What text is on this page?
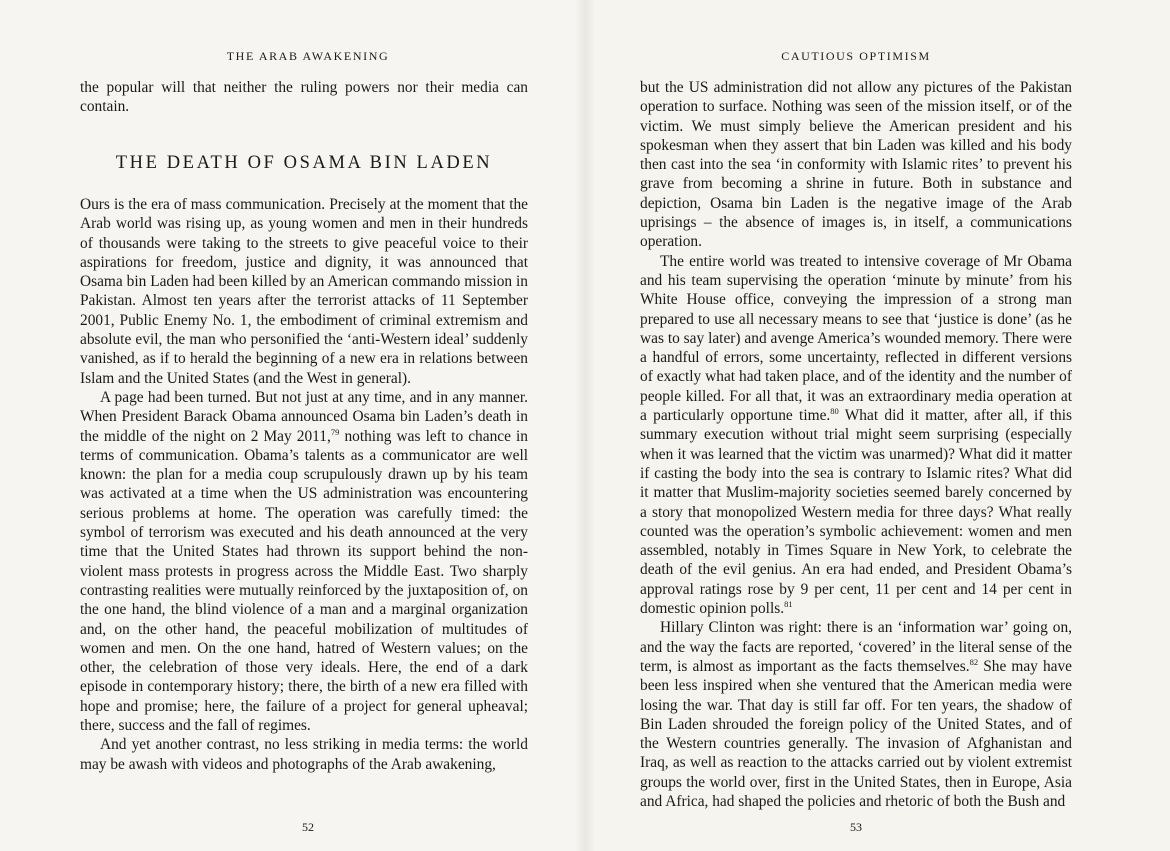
THE ARAB AWAKENING

the popular will that neither the ruling powers nor their media can contain.

THE DEATH OF OSAMA BIN LADEN

Ours is the era of mass communication. Precisely at the moment that the Arab world was rising up, as young women and men in their hundreds of thousands were taking to the streets to give peaceful voice to their aspirations for freedom, justice and dignity, it was announced that Osama bin Laden had been killed by an American commando mission in Pakistan. Almost ten years after the terrorist attacks of 11 September 2001, Public Enemy No. 1, the embodiment of criminal extremism and absolute evil, the man who personified the ‘anti-Western ideal’ suddenly vanished, as if to herald the beginning of a new era in relations between Islam and the United States (and the West in general).

A page had been turned. But not just at any time, and in any manner. When President Barack Obama announced Osama bin Laden’s death in the middle of the night on 2 May 2011,79 nothing was left to chance in terms of communication. Obama’s talents as a communicator are well known: the plan for a media coup scrupulously drawn up by his team was activated at a time when the US administration was encountering serious problems at home. The operation was carefully timed: the symbol of terrorism was executed and his death announced at the very time that the United States had thrown its support behind the non-violent mass protests in progress across the Middle East. Two sharply contrasting realities were mutually reinforced by the juxtaposition of, on the one hand, the blind violence of a man and a marginal organization and, on the other hand, the peaceful mobilization of multitudes of women and men. On the one hand, hatred of Western values; on the other, the celebration of those very ideals. Here, the end of a dark episode in contemporary history; there, the birth of a new era filled with hope and promise; here, the failure of a project for general upheaval; there, success and the fall of regimes.

And yet another contrast, no less striking in media terms: the world may be awash with videos and photographs of the Arab awakening,

52
CAUTIOUS OPTIMISM

but the US administration did not allow any pictures of the Pakistan operation to surface. Nothing was seen of the mission itself, or of the victim. We must simply believe the American president and his spokesman when they assert that bin Laden was killed and his body then cast into the sea ‘in conformity with Islamic rites’ to prevent his grave from becoming a shrine in future. Both in substance and depiction, Osama bin Laden is the negative image of the Arab uprisings – the absence of images is, in itself, a communications operation.

The entire world was treated to intensive coverage of Mr Obama and his team supervising the operation ‘minute by minute’ from his White House office, conveying the impression of a strong man prepared to use all necessary means to see that ‘justice is done’ (as he was to say later) and avenge America’s wounded memory. There were a handful of errors, some uncertainty, reflected in different versions of exactly what had taken place, and of the identity and the number of people killed. For all that, it was an extraordinary media operation at a particularly opportune time.$^{80}$ What did it matter, after all, if this summary execution without trial might seem surprising (especially when it was learned that the victim was unarmed)? What did it matter if casting the body into the sea is contrary to Islamic rites? What did it matter that Muslim-majority societies seemed barely concerned by a story that monopolized Western media for three days? What really counted was the operation’s symbolic achievement: women and men assembled, notably in Times Square in New York, to celebrate the death of the evil genius. An era had ended, and President Obama’s approval ratings rose by 9 per cent, 11 per cent and 14 per cent in domestic opinion polls.$^{81}$

Hillary Clinton was right: there is an ‘information war’ going on, and the way the facts are reported, ‘covered’ in the literal sense of the term, is almost as important as the facts themselves.$^{82}$ She may have been less inspired when she ventured that the American media were losing the war. That day is still far off. For ten years, the shadow of Bin Laden shrouded the foreign policy of the United States, and of the Western countries generally. The invasion of Afghanistan and Iraq, as well as reaction to the attacks carried out by violent extremist groups the world over, first in the United States, then in Europe, Asia and Africa, had shaped the policies and rhetoric of both the Bush and

53
